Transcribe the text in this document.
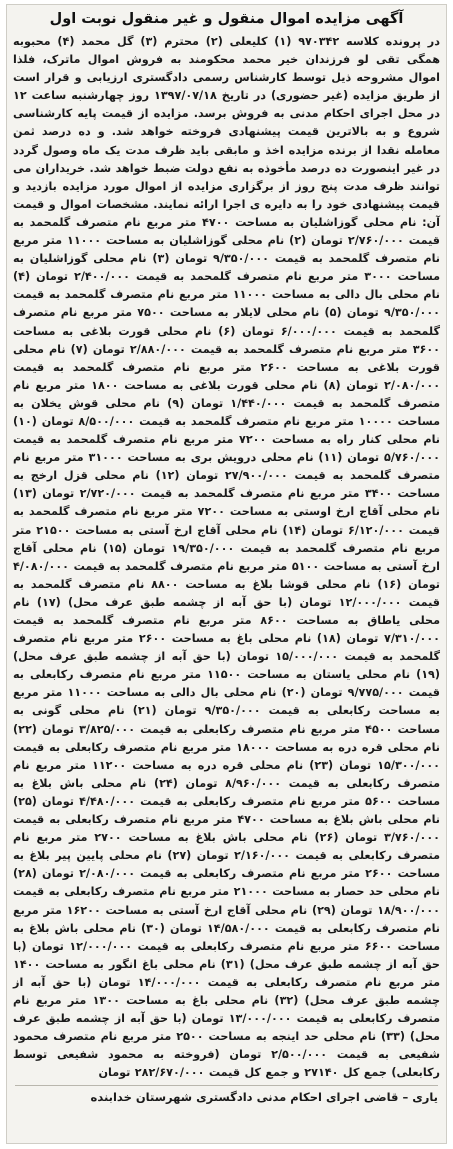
آگهی مزایده اموال منقول و غیر منقول نوبت اول
در پرونده کلاسه ۹۷۰۳۴۲ (۱) کلیعلی (۲) محترم (۳) گل محمد (۴) محبوبه همگی تقی لو فرزندان خیر محمد محکومند به فروش اموال ماترک، فلذا اموال مشروحه ذیل توسط کارشناس رسمی دادگستری ارزیابی و قرار است از طریق مزایده (غیر حضوری) در تاریخ ۱۳۹۷/۰۷/۱۸ روز چهارشنبه ساعت ۱۲ در محل اجرای احکام مدنی به فروش برسد. مزایده از قیمت پایه کارشناسی شروع و به بالاترین قیمت پیشنهادی فروخته خواهد شد. و ده درصد ثمن معامله نقدا از برنده مزایده اخذ و مابقی باید ظرف مدت یک ماه وصول گردد در غیر اینصورت ده درصد مأخوذه به نفع دولت ضبط خواهد شد. خریداران می توانند ظرف مدت پنج روز از برگزاری مزایده از اموال مورد مزایده بازدید و قیمت پیشنهادی خود را به دایره ی اجرا ارائه نمایند. مشخصات اموال و قیمت آن: نام محلی گوزاشلیان به مساحت ۴۷۰۰ متر مربع نام متصرف گلمحمد به قیمت ۲/۷۶۰/۰۰۰ تومان (۲) نام محلی گوزاشلیان به مساحت ۱۱۰۰۰ متر مربع نام متصرف گلمحمد به قیمت ۹/۳۵۰/۰۰۰ تومان (۳) نام محلی گوزاشلیان به مساحت ۳۰۰۰ متر مربع نام متصرف گلمحمد به قیمت ۲/۴۰۰/۰۰۰ تومان (۴) نام محلی بال دالی به مساحت ۱۱۰۰۰ متر مربع نام متصرف گلمحمد به قیمت ۹/۳۵۰/۰۰۰ تومان (۵) نام محلی لایلار به مساحت ۷۵۰۰ متر مربع نام متصرف گلمحمد به قیمت ۶/۰۰۰/۰۰۰ تومان (۶) نام محلی قورت بلاغی به مساحت ۳۶۰۰ متر مربع نام متصرف گلمحمد به قیمت ۲/۸۸۰/۰۰۰ تومان (۷) نام محلی قورت بلاغی به مساحت ۲۶۰۰ متر مربع نام متصرف گلمحمد به قیمت ۲/۰۸۰/۰۰۰ تومان (۸) نام محلی قورت بلاغی به مساحت ۱۸۰۰ متر مربع نام متصرف گلمحمد به قیمت ۱/۴۴۰/۰۰۰ تومان (۹) نام محلی قوش یخلان به مساحت ۱۰۰۰۰ متر مربع نام متصرف گلمحمد به قیمت ۸/۵۰۰/۰۰۰ تومان (۱۰) نام محلی کنار راه به مساحت ۷۲۰۰ متر مربع نام متصرف گلمحمد به قیمت ۵/۷۶۰/۰۰۰ تومان (۱۱) نام محلی درویش بری به مساحت ۳۱۰۰۰ متر مربع نام متصرف گلمحمد به قیمت ۲۷/۹۰۰/۰۰۰ تومان (۱۲) نام محلی قزل ارخج به مساحت ۳۴۰۰ متر مربع نام متصرف گلمحمد به قیمت ۲/۷۲۰/۰۰۰ تومان (۱۳) نام محلی آقاج ارخ اوستی به مساحت ۷۲۰۰ متر مربع نام متصرف گلمحمد به قیمت ۶/۱۲۰/۰۰۰ تومان (۱۴) نام محلی آقاج ارخ آستی به مساحت ۲۱۵۰۰ متر مربع نام متصرف گلمحمد به قیمت ۱۹/۳۵۰/۰۰۰ تومان (۱۵) نام محلی آقاج ارخ آستی به مساحت ۵۱۰۰ متر مربع نام متصرف گلمحمد به قیمت ۴/۰۸۰/۰۰۰ تومان (۱۶) نام محلی قوشا بلاغ به مساحت ۸۸۰۰ نام متصرف گلمحمد به قیمت ۱۲/۰۰۰/۰۰۰ تومان (با حق آبه از چشمه طبق عرف محل) (۱۷) نام محلی یاطاق به مساحت ۸۶۰۰ متر مربع نام متصرف گلمحمد به قیمت ۷/۳۱۰/۰۰۰ تومان (۱۸) نام محلی باغ به مساحت ۲۶۰۰ متر مربع نام متصرف گلمحمد به قیمت ۱۵/۰۰۰/۰۰۰ تومان (با حق آبه از چشمه طبق عرف محل) (۱۹) نام محلی یاستان به مساحت ۱۱۵۰۰ متر مربع نام متصرف رکابعلی به قیمت ۹/۷۷۵/۰۰۰ تومان (۲۰) نام محلی بال دالی به مساحت ۱۱۰۰۰ متر مربع به مساحت رکابعلی به قیمت ۹/۳۵۰/۰۰۰ تومان (۲۱) نام محلی گونی به مساحت ۴۵۰۰ متر مربع نام متصرف رکابعلی به قیمت ۳/۸۲۵/۰۰۰ تومان (۲۲) نام محلی قره دره به مساحت ۱۸۰۰۰ متر مربع نام متصرف رکابعلی به قیمت ۱۵/۳۰۰/۰۰۰ تومان (۲۳) نام محلی قره دره به مساحت ۱۱۲۰۰ متر مربع نام متصرف رکابعلی به قیمت ۸/۹۶۰/۰۰۰ تومان (۲۴) نام محلی باش بلاغ به مساحت ۵۶۰۰ متر مربع نام متصرف رکابعلی به قیمت ۴/۴۸۰/۰۰۰ تومان (۲۵) نام محلی باش بلاغ به مساحت ۴۷۰۰ متر مربع نام متصرف رکابعلی به قیمت ۳/۷۶۰/۰۰۰ تومان (۲۶) نام محلی باش بلاغ به مساحت ۲۷۰۰ متر مربع نام متصرف رکابعلی به قیمت ۲/۱۶۰/۰۰۰ تومان (۲۷) نام محلی پایین پیر بلاغ به مساحت ۲۶۰۰ متر مربع نام متصرف رکابعلی به قیمت ۲/۰۸۰/۰۰۰ تومان (۲۸) نام محلی حد حصار به مساحت ۲۱۰۰۰ متر مربع نام متصرف رکابعلی به قیمت ۱۸/۹۰۰/۰۰۰ تومان (۲۹) نام محلی آقاج ارخ آستی به مساحت ۱۶۲۰۰ متر مربع نام متصرف رکابعلی به قیمت ۱۴/۵۸۰/۰۰۰ تومان (۳۰) نام محلی باش بلاغ به مساحت ۶۶۰۰ متر مربع نام متصرف رکابعلی به قیمت ۱۲/۰۰۰/۰۰۰ تومان (با حق آبه از چشمه طبق عرف محل) (۳۱) نام محلی باغ انگور به مساحت ۱۴۰۰ متر مربع نام متصرف رکابعلی به قیمت ۱۴/۰۰۰/۰۰۰ تومان (با حق آبه از چشمه طبق عرف محل) (۳۲) نام محلی باغ به مساحت ۱۳۰۰ متر مربع نام متصرف رکابعلی به قیمت ۱۳/۰۰۰/۰۰۰ تومان (با حق آبه از چشمه طبق عرف محل) (۳۳) نام محلی حد اینجه به مساحت ۲۵۰۰ متر مربع نام متصرف محمود شفیعی به قیمت ۲/۵۰۰/۰۰۰ تومان (فروخته به محمود شفیعی توسط رکابعلی) جمع کل ۲۷۱۴۰ و جمع کل قیمت ۲۸۲/۶۷۰/۰۰۰ تومان
یاری – قاضی اجرای احکام مدنی دادگستری شهرستان خدابنده
